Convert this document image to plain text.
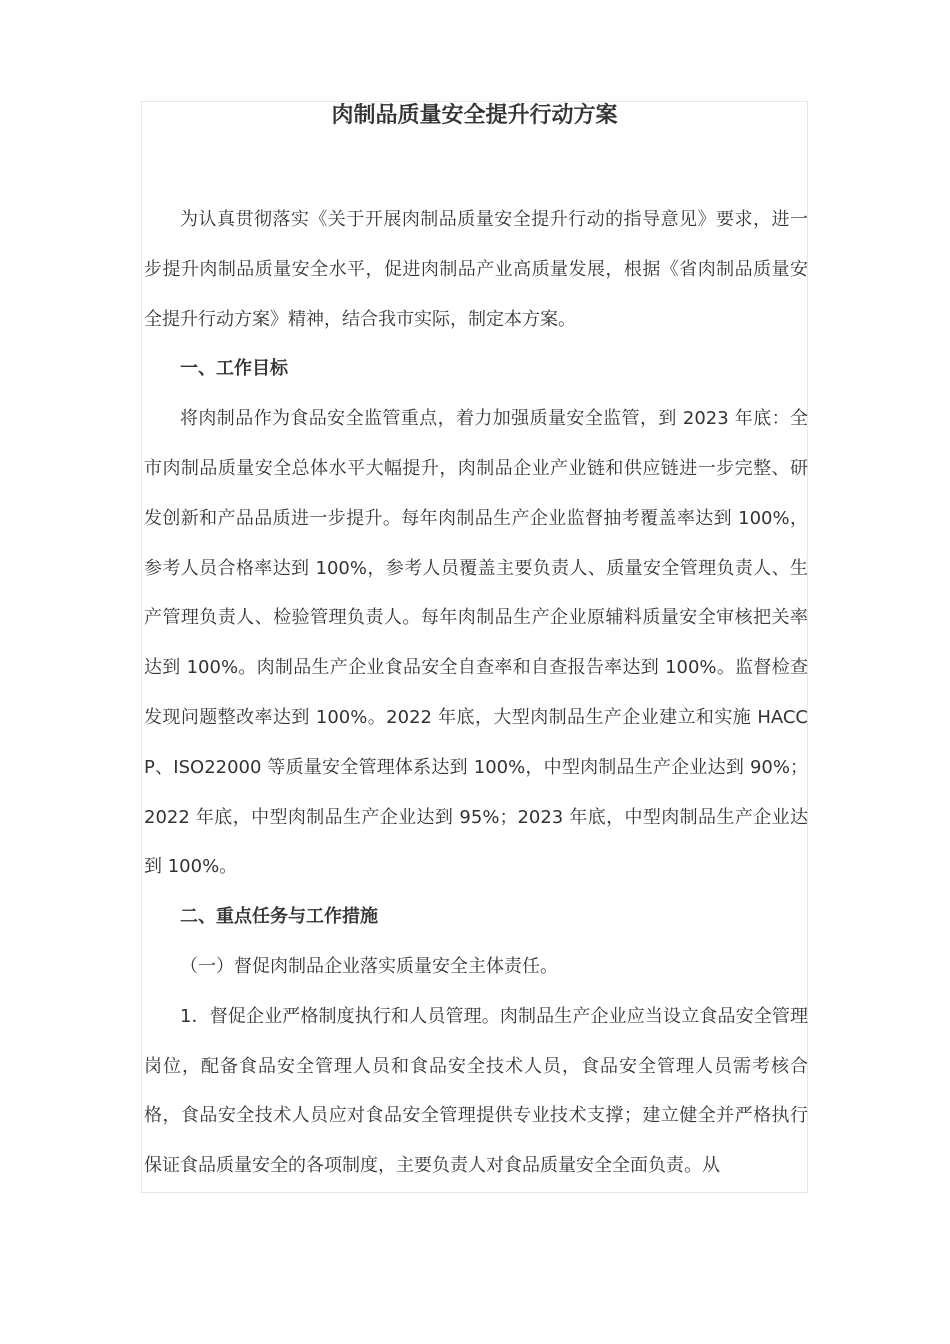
肉制品质量安全提升行动方案

为认真贯彻落实《关于开展肉制品质量安全提升行动的指导意见》要求，进一步提升肉制品质量安全水平，促进肉制品产业高质量发展，根据《省肉制品质量安全提升行动方案》精神，结合我市实际，制定本方案。

一、工作目标

将肉制品作为食品安全监管重点，着力加强质量安全监管，到 2023 年底：全市肉制品质量安全总体水平大幅提升，肉制品企业产业链和供应链进一步完整、研发创新和产品品质进一步提升。每年肉制品生产企业监督抽考覆盖率达到 100%，参考人员合格率达到 100%，参考人员覆盖主要负责人、质量安全管理负责人、生产管理负责人、检验管理负责人。每年肉制品生产企业原辅料质量安全审核把关率达到 100%。肉制品生产企业食品安全自查率和自查报告率达到 100%。监督检查发现问题整改率达到 100%。2022 年底，大型肉制品生产企业建立和实施 HACCP、ISO22000 等质量安全管理体系达到 100%，中型肉制品生产企业达到 90%；2022 年底，中型肉制品生产企业达到 95%；2023 年底，中型肉制品生产企业达到 100%。

二、重点任务与工作措施

（一）督促肉制品企业落实质量安全主体责任。

1．督促企业严格制度执行和人员管理。肉制品生产企业应当设立食品安全管理岗位，配备食品安全管理人员和食品安全技术人员，食品安全管理人员需考核合格，食品安全技术人员应对食品安全管理提供专业技术支撑；建立健全并严格执行保证食品质量安全的各项制度，主要负责人对食品质量安全全面负责。从
